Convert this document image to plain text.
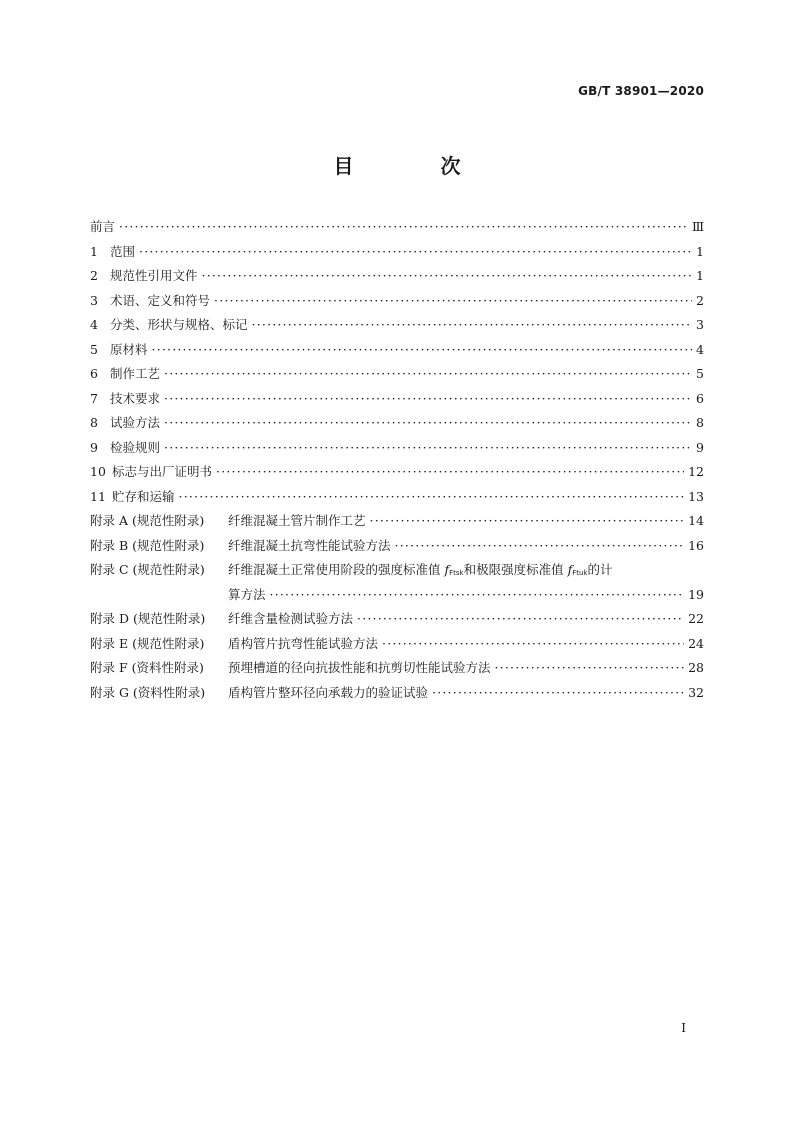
GB/T 38901—2020
目 次
前言 ·····	Ⅲ
1 范围 ·····	1
2 规范性引用文件 ·····	1
3 术语、定义和符号 ·····	2
4 分类、形状与规格、标记 ·····	3
5 原材料 ·····	4
6 制作工艺 ·····	5
7 技术要求 ·····	6
8 试验方法 ·····	8
9 检验规则 ·····	9
10 标志与出厂证明书 ·····	12
11 贮存和运输 ·····	13
附录 A (规范性附录) 纤维混凝土管片制作工艺 ·····	14
附录 B (规范性附录) 纤维混凝土抗弯性能试验方法 ·····	16
附录 C (规范性附录) 纤维混凝土正常使用阶段的强度标准值 fFtsk和极限强度标准值 fFtuk的计
算方法 ·····	19
附录 D (规范性附录) 纤维含量检测试验方法 ·····	22
附录 E (规范性附录) 盾构管片抗弯性能试验方法 ·····	24
附录 F (资料性附录) 预埋槽道的径向抗拔性能和抗剪切性能试验方法 ·····	28
附录 G (资料性附录) 盾构管片整环径向承载力的验证试验 ·····	32
I
